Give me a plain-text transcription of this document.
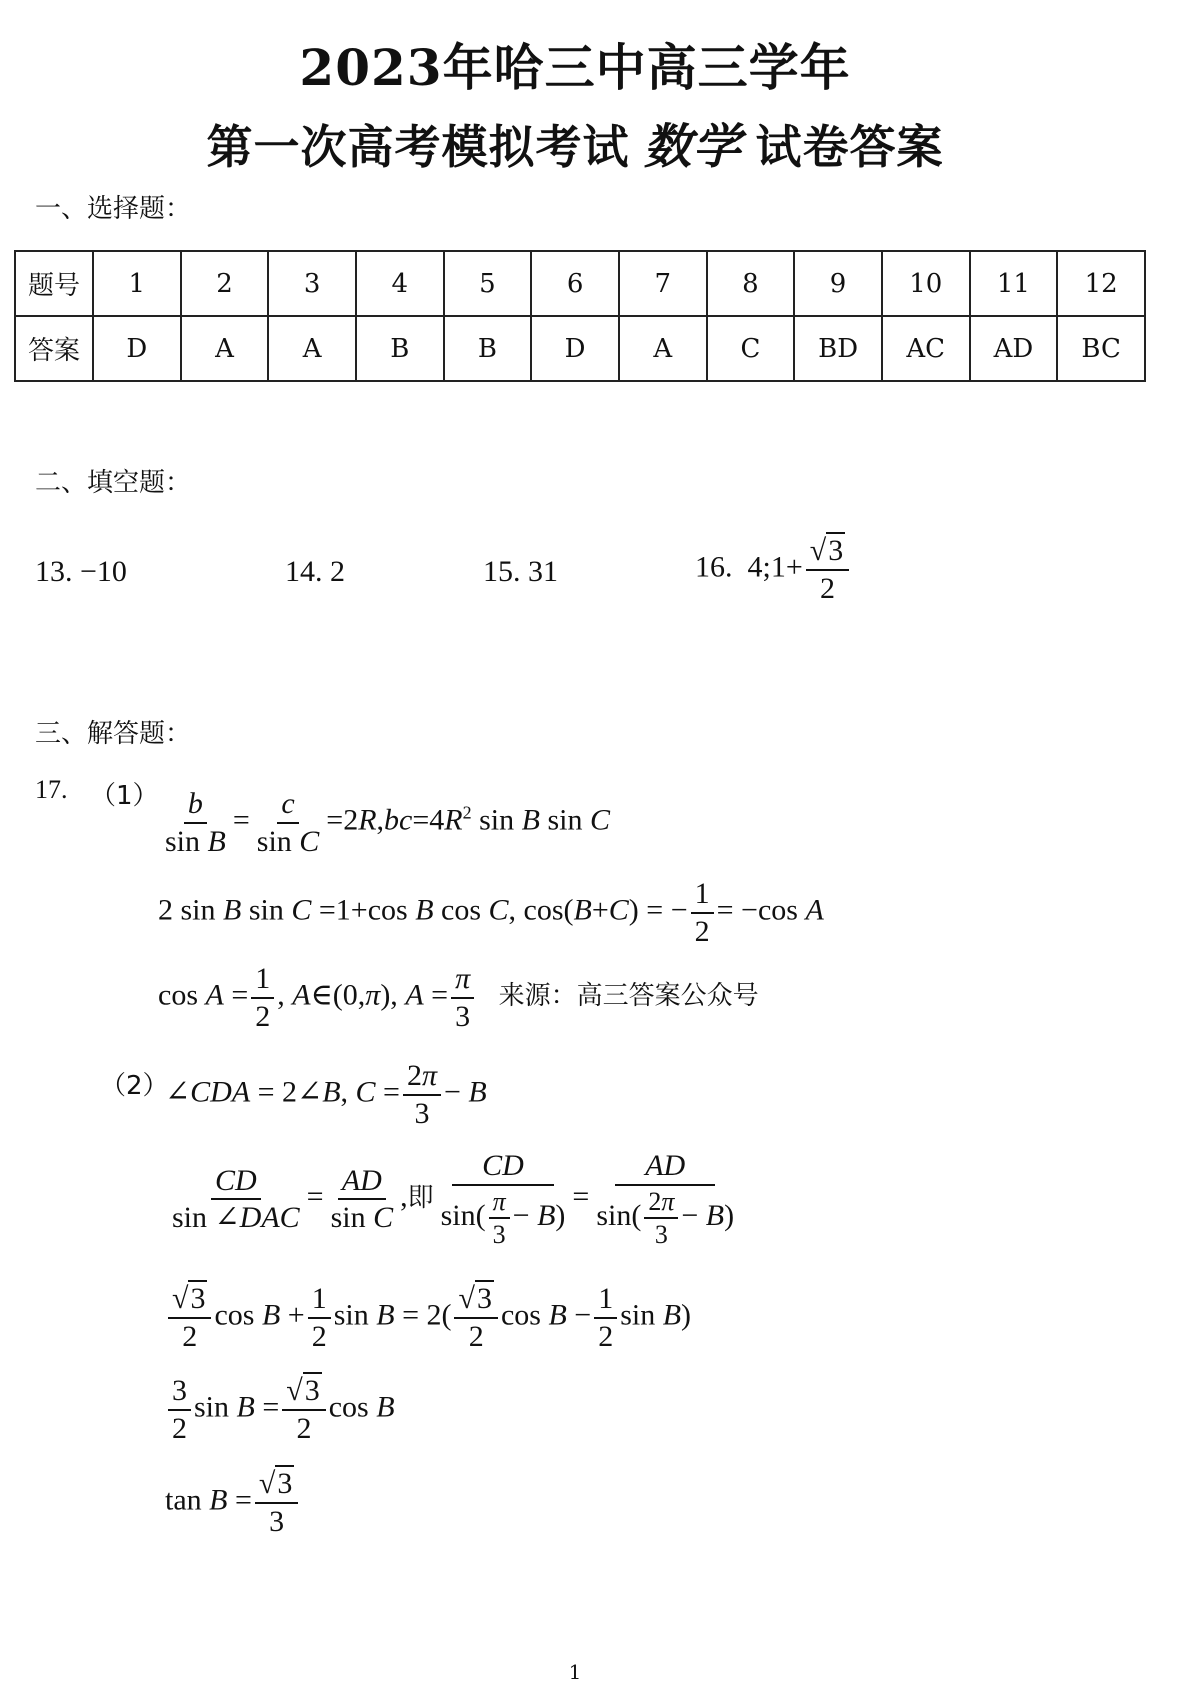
2023年哈三中高三学年
第一次高考模拟考试 数学 试卷答案
一、选择题：
题号	1	2	3	4	5	6	7	8	9	10	11	12
答案	D	A	A	B	B	D	A	C	BD	AC	AD	BC
二、填空题：
13. −10	14. 2	15. 31	16. 4;1+ $\frac{√3}{2}$
三、解答题：
17. $(1) \frac{b}{\text{sin B}} = \frac{c}{\text{sin C}} =2R,bc=4R^2$ sin B sin C
2 sin B sin C =1+cos B cos C, cos(B+C) = − $\frac{1}{2} = -\cos$ A
$\cos A = \frac{1}{2}$ , A∈(0,π), $A = \frac{\pi}{3}$ 来源：高三答案公众号
（2）
∠CDA = 2∠B, $C = \frac{2\pi}{3} - B$
$\frac{CD}{\text{sin ∠DAC}} = \frac{AD}{\text{sin C}}$ ,即 $\frac{CD}{\sin( \frac{\pi}{3} - B)} = \frac{AD}{\sin( \frac{2\pi}{3} - B)}$
$\frac{√3}{2}$ $\cos B + \frac{1}{2}$ $\sin B = 2( \frac{√3}{2}$ $\cos B - \frac{1}{2}$ sin B)
$\frac{3}{2}$ $\sin B = \frac{√3}{2}$ cos B
$\tan B = \frac{√3}{3}$
1
